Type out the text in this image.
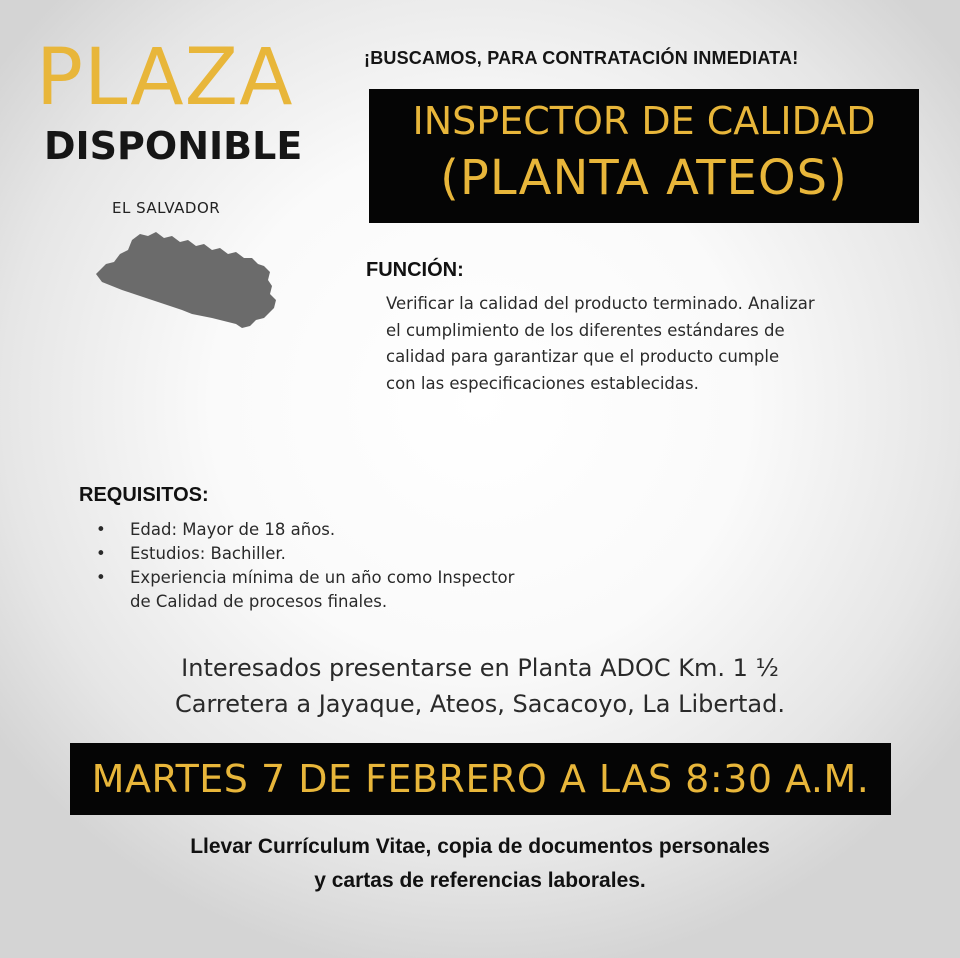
PLAZA
DISPONIBLE
EL SALVADOR
¡BUSCAMOS, PARA CONTRATACIÓN INMEDIATA!
INSPECTOR DE CALIDAD
(PLANTA ATEOS)
FUNCIÓN:
Verificar la calidad del producto terminado. Analizar
el cumplimiento de los diferentes estándares de
calidad para garantizar que el producto cumple
con las especificaciones establecidas.
REQUISITOS:
• Edad: Mayor de 18 años.
• Estudios: Bachiller.
• Experiencia mínima de un año como Inspector
de Calidad de procesos finales.
Interesados presentarse en Planta ADOC Km. 1 ½
Carretera a Jayaque, Ateos, Sacacoyo, La Libertad.
MARTES 7 DE FEBRERO A LAS 8:30 A.M.
Llevar Currículum Vitae, copia de documentos personales
y cartas de referencias laborales.
